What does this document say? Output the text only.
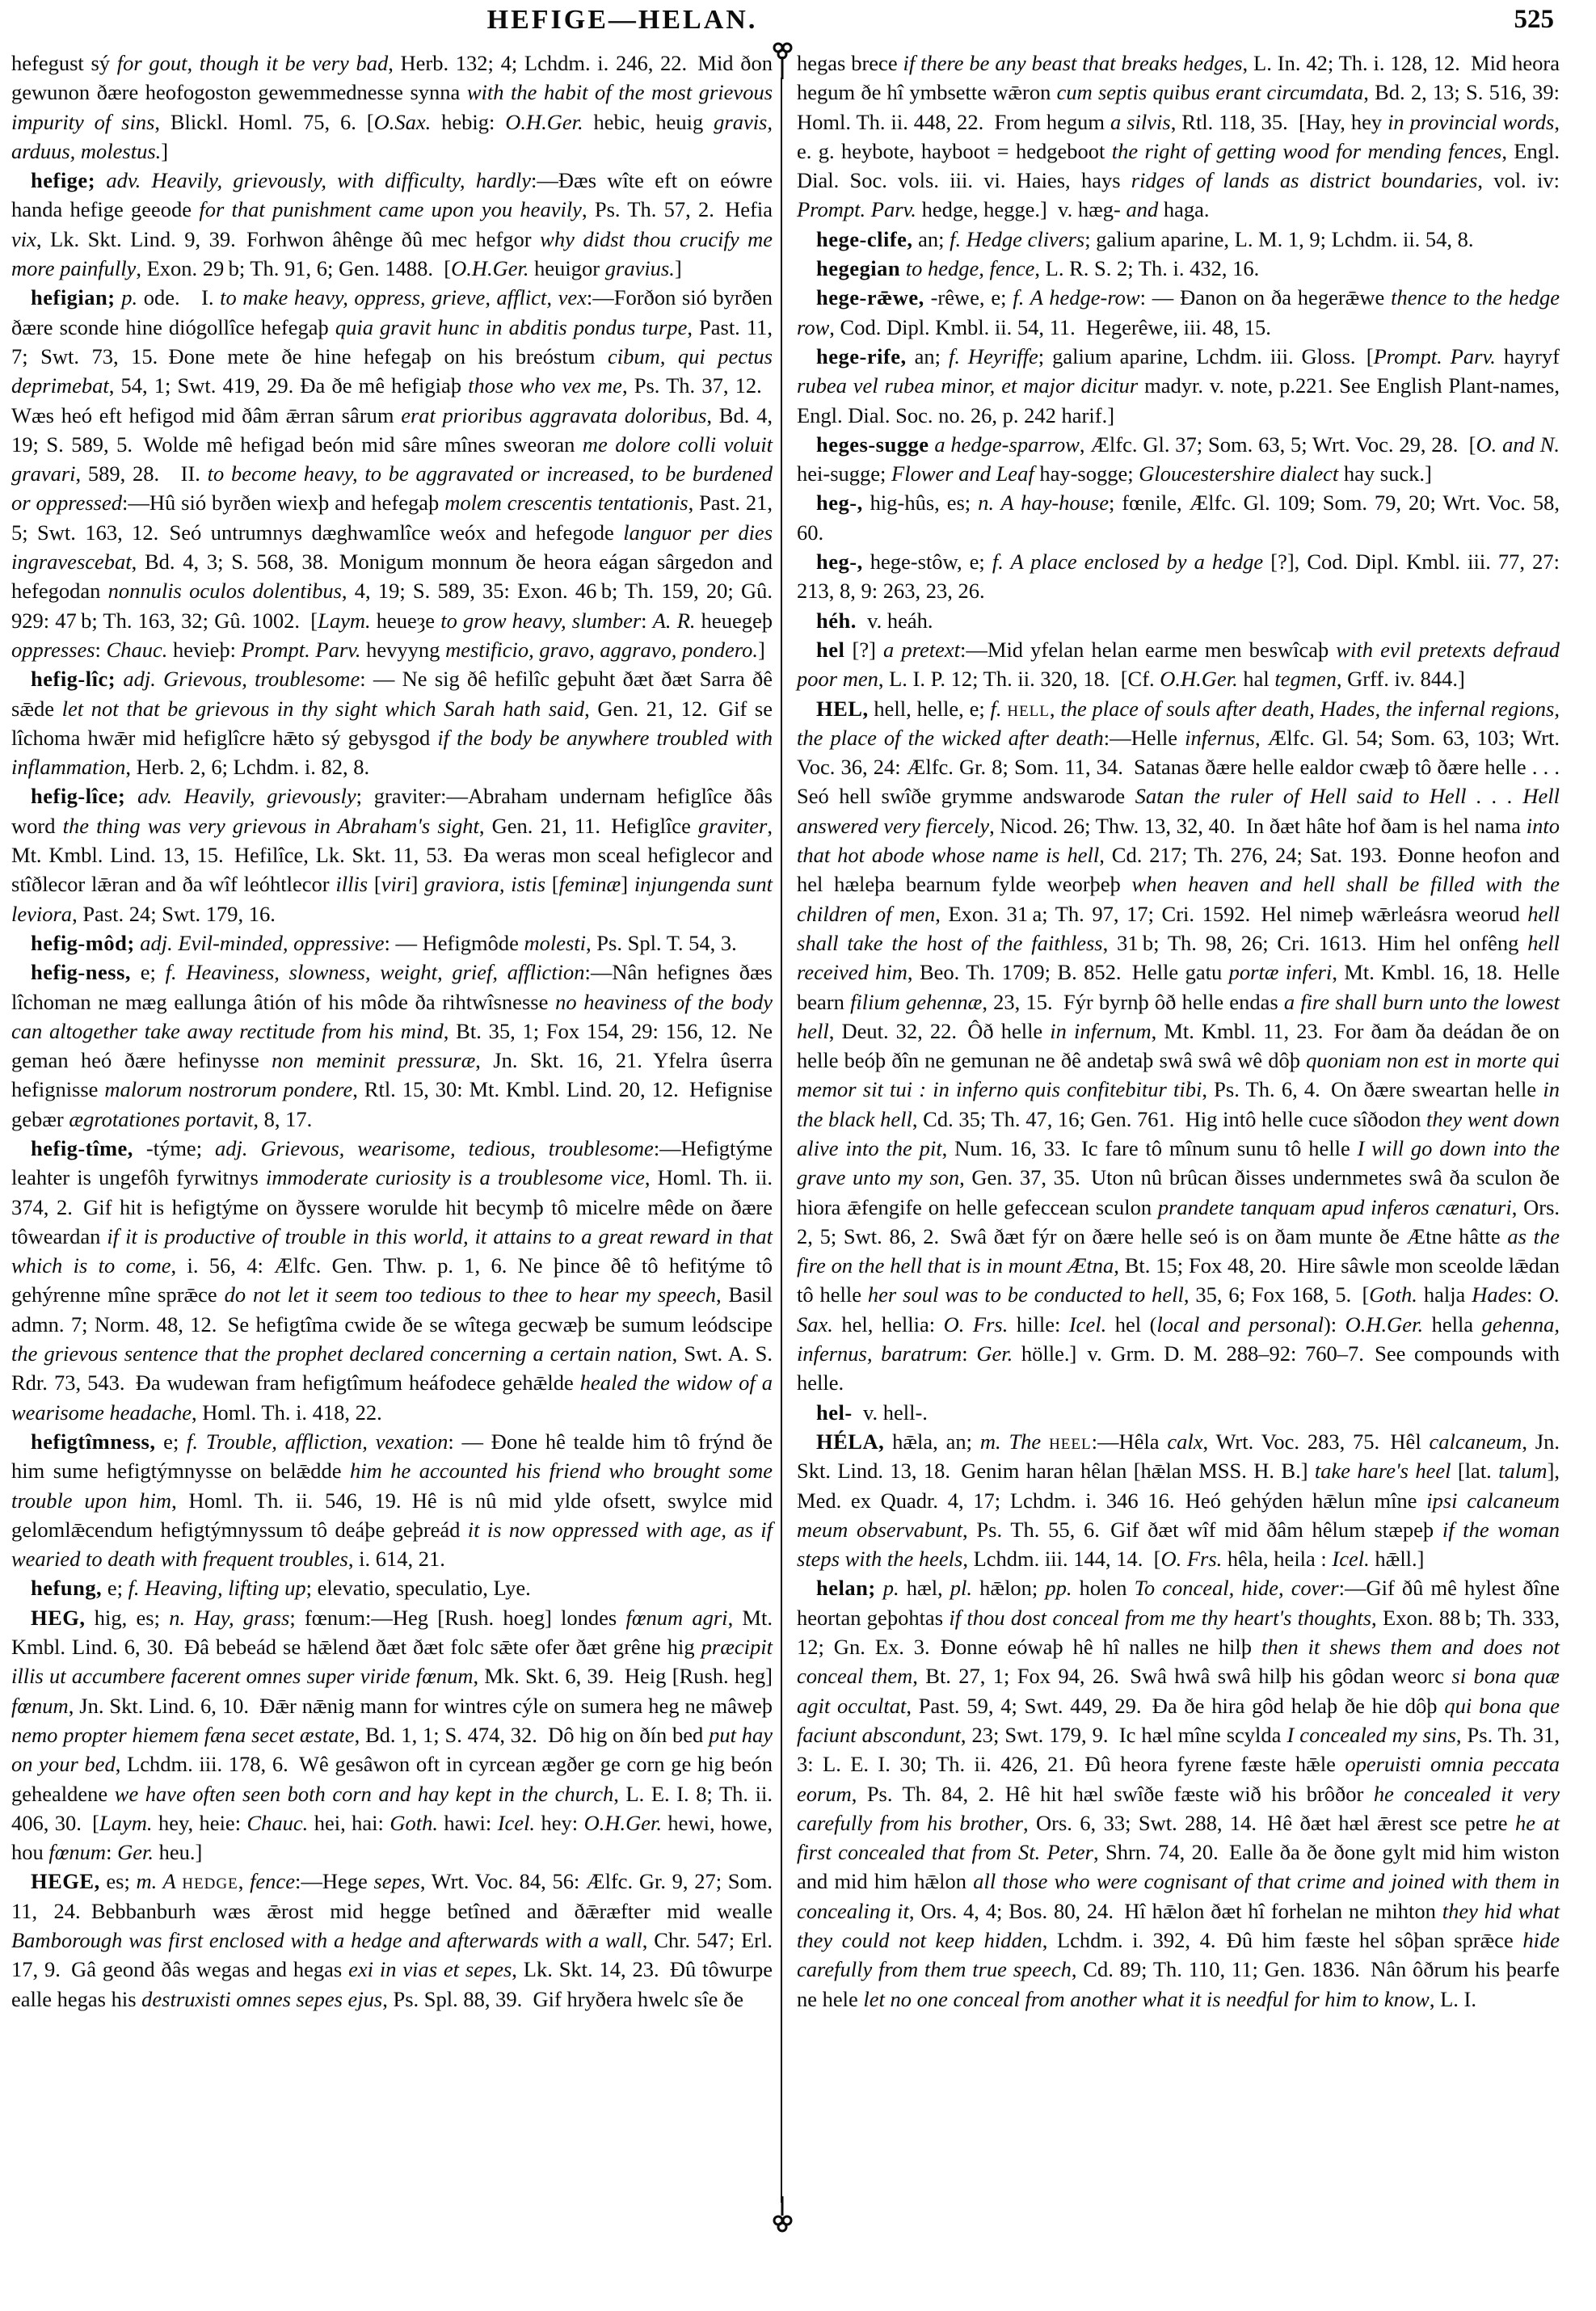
HEFIGE—HELAN.	525

hefegust sý for gout, though it be very bad, Herb. 132; 4; Lchdm. i. 246, 22. Mid ðon gewunon ðære heofogoston gewemmednesse synna with the habit of the most grievous impurity of sins, Blickl. Homl. 75, 6. [O.Sax. hebig: O.H.Ger. hebic, heuig gravis, arduus, molestus.]

hefige; adv. Heavily, grievously, with difficulty, hardly:—Ðæs wîte eft on eówre handa hefige geeode for that punishment came upon you heavily, Ps. Th. 57, 2. Hefia vix, Lk. Skt. Lind. 9, 39. Forhwon âhênge ðû mec hefgor why didst thou crucify me more painfully, Exon. 29 b; Th. 91, 6; Gen. 1488. [O.H.Ger. heuigor gravius.]

hefigian; p. ode. I. to make heavy, oppress, grieve, afflict, vex:—Forðon sió byrðen ðære sconde hine diógollîce hefegaþ quia gravit hunc in abditis pondus turpe, Past. 11, 7; Swt. 73, 15. Ðone mete ðe hine hefegaþ on his breóstum cibum, qui pectus deprimebat, 54, 1; Swt. 419, 29. Ða ðe mê hefigiaþ those who vex me, Ps. Th. 37, 12. Wæs heó eft hefigod mid ðâm ǣrran sârum erat prioribus aggravata doloribus, Bd. 4, 19; S. 589, 5. Wolde mê hefigad beón mid sâre mînes sweoran me dolore colli voluit gravari, 589, 28. II. to become heavy, to be aggravated or increased, to be burdened or oppressed:—Hû sió byrðen wiexþ and hefegaþ molem crescentis tentationis, Past. 21, 5; Swt. 163, 12. Seó untrumnys dæghwamlîce weóx and hefegode languor per dies ingravescebat, Bd. 4, 3; S. 568, 38. Monigum monnum ðe heora eágan sârgedon and hefegodan nonnulis oculos dolentibus, 4, 19; S. 589, 35: Exon. 46 b; Th. 159, 20; Gû. 929: 47 b; Th. 163, 32; Gû. 1002. [Laym. heueȝe to grow heavy, slumber: A. R. heuegeþ oppresses: Chauc. hevieþ: Prompt. Parv. hevyyng mestificio, gravo, aggravo, pondero.]

hefig-lîc; adj. Grievous, troublesome: — Ne sig ðê hefilîc geþuht ðæt ðæt Sarra ðê sǣde let not that be grievous in thy sight which Sarah hath said, Gen. 21, 12. Gif se lîchoma hwǣr mid hefiglîcre hǣto sý gebysgod if the body be anywhere troubled with inflammation, Herb. 2, 6; Lchdm. i. 82, 8.

hefig-lîce; adv. Heavily, grievously; graviter:—Abraham undernam hefiglîce ðâs word the thing was very grievous in Abraham's sight, Gen. 21, 11. Hefiglîce graviter, Mt. Kmbl. Lind. 13, 15. Hefilîce, Lk. Skt. 11, 53. Ða weras mon sceal hefiglecor and stîðlecor lǣran and ða wîf leóhtlecor illis [viri] graviora, istis [feminæ] injungenda sunt leviora, Past. 24; Swt. 179, 16.

hefig-môd; adj. Evil-minded, oppressive: — Hefigmôde molesti, Ps. Spl. T. 54, 3.

hefig-ness, e; f. Heaviness, slowness, weight, grief, affliction:—Nân hefignes ðæs lîchoman ne mæg eallunga âtión of his môde ða rihtwîsnesse no heaviness of the body can altogether take away rectitude from his mind, Bt. 35, 1; Fox 154, 29: 156, 12. Ne geman heó ðære hefinysse non meminit pressuræ, Jn. Skt. 16, 21. Yfelra ûserra hefignisse malorum nostrorum pondere, Rtl. 15, 30: Mt. Kmbl. Lind. 20, 12. Hefignise gebær ægrotationes portavit, 8, 17.

hefig-tîme, -týme; adj. Grievous, wearisome, tedious, troublesome:—Hefigtýme leahter is ungefôh fyrwitnys immoderate curiosity is a troublesome vice, Homl. Th. ii. 374, 2. Gif hit is hefigtýme on ðyssere worulde hit becymþ tô micelre mêde on ðære tôweardan if it is productive of trouble in this world, it attains to a great reward in that which is to come, i. 56, 4: Ælfc. Gen. Thw. p. 1, 6. Ne þince ðê tô hefitýme tô gehýrenne mîne sprǣce do not let it seem too tedious to thee to hear my speech, Basil admn. 7; Norm. 48, 12. Se hefigtîma cwide ðe se wîtega gecwæþ be sumum leódscipe the grievous sentence that the prophet declared concerning a certain nation, Swt. A. S. Rdr. 73, 543. Ða wudewan fram hefigtîmum heáfodece gehǣlde healed the widow of a wearisome headache, Homl. Th. i. 418, 22.

hefigtîmness, e; f. Trouble, affliction, vexation: — Ðone hê tealde him tô frýnd ðe him sume hefigtýmnysse on belǣdde him he accounted his friend who brought some trouble upon him, Homl. Th. ii. 546, 19. Hê is nû mid ylde ofsett, swylce mid gelomlǣcendum hefigtýmnyssum tô deáþe geþreád it is now oppressed with age, as if wearied to death with frequent troubles, i. 614, 21.

hefung, e; f. Heaving, lifting up; elevatio, speculatio, Lye.

HEG, hig, es; n. Hay, grass; fœnum:—Heg [Rush. hoeg] londes fœnum agri, Mt. Kmbl. Lind. 6, 30. Ðâ bebeád se hǣlend ðæt ðæt folc sǣte ofer ðæt grêne hig præcipit illis ut accumbere facerent omnes super viride fœnum, Mk. Skt. 6, 39. Heig [Rush. heg] fœnum, Jn. Skt. Lind. 6, 10. Ðǣr nǣnig mann for wintres cýle on sumera heg ne mâweþ nemo propter hiemem fæna secet æstate, Bd. 1, 1; S. 474, 32. Dô hig on ðín bed put hay on your bed, Lchdm. iii. 178, 6. Wê gesâwon oft in cyrcean ægðer ge corn ge hig beón gehealdene we have often seen both corn and hay kept in the church, L. E. I. 8; Th. ii. 406, 30. [Laym. hey, heie: Chauc. hei, hai: Goth. hawi: Icel. hey: O.H.Ger. hewi, howe, hou fœnum: Ger. heu.]

HEGE, es; m. A hedge, fence:—Hege sepes, Wrt. Voc. 84, 56: Ælfc. Gr. 9, 27; Som. 11, 24. Bebbanburh wæs ǣrost mid hegge betîned and ðǣræfter mid wealle Bamborough was first enclosed with a hedge and afterwards with a wall, Chr. 547; Erl. 17, 9. Gâ geond ðâs wegas and hegas exi in vias et sepes, Lk. Skt. 14, 23. Ðû tôwurpe ealle hegas his destruxisti omnes sepes ejus, Ps. Spl. 88, 39. Gif hryðera hwelc sîe ðe

hegas brece if there be any beast that breaks hedges, L. In. 42; Th. i. 128, 12. Mid heora hegum ðe hî ymbsette wǣron cum septis quibus erant circumdata, Bd. 2, 13; S. 516, 39: Homl. Th. ii. 448, 22. From hegum a silvis, Rtl. 118, 35. [Hay, hey in provincial words, e. g. heybote, hayboot = hedgeboot the right of getting wood for mending fences, Engl. Dial. Soc. vols. iii. vi. Haies, hays ridges of lands as district boundaries, vol. iv: Prompt. Parv. hedge, hegge.] v. hæg- and haga.

hege-clife, an; f. Hedge clivers; galium aparine, L. M. 1, 9; Lchdm. ii. 54, 8.

hegegian to hedge, fence, L. R. S. 2; Th. i. 432, 16.

hege-rǣwe, -rêwe, e; f. A hedge-row: — Ðanon on ða hegerǣwe thence to the hedge row, Cod. Dipl. Kmbl. ii. 54, 11. Hegerêwe, iii. 48, 15.

hege-rife, an; f. Heyriffe; galium aparine, Lchdm. iii. Gloss. [Prompt. Parv. hayryf rubea vel rubea minor, et major dicitur madyr. v. note, p.221. See English Plant-names, Engl. Dial. Soc. no. 26, p. 242 harif.]

heges-sugge a hedge-sparrow, Ælfc. Gl. 37; Som. 63, 5; Wrt. Voc. 29, 28. [O. and N. hei-sugge; Flower and Leaf hay-sogge; Gloucestershire dialect hay suck.]

heg-, hig-hûs, es; n. A hay-house; fœnile, Ælfc. Gl. 109; Som. 79, 20; Wrt. Voc. 58, 60.

heg-, hege-stôw, e; f. A place enclosed by a hedge [?], Cod. Dipl. Kmbl. iii. 77, 27: 213, 8, 9: 263, 23, 26.

héh. v. heáh.

hel [?] a pretext:—Mid yfelan helan earme men beswîcaþ with evil pretexts defraud poor men, L. I. P. 12; Th. ii. 320, 18. [Cf. O.H.Ger. hal tegmen, Grff. iv. 844.]

HEL, hell, helle, e; f. hell, the place of souls after death, Hades, the infernal regions, the place of the wicked after death:—Helle infernus, Ælfc. Gl. 54; Som. 63, 103; Wrt. Voc. 36, 24: Ælfc. Gr. 8; Som. 11, 34. Satanas ðære helle ealdor cwæþ tô ðære helle . . . Seó hell swîðe grymme andswarode Satan the ruler of Hell said to Hell . . . Hell answered very fiercely, Nicod. 26; Thw. 13, 32, 40. In ðæt hâte hof ðam is hel nama into that hot abode whose name is hell, Cd. 217; Th. 276, 24; Sat. 193. Ðonne heofon and hel hæleþa bearnum fylde weorþeþ when heaven and hell shall be filled with the children of men, Exon. 31 a; Th. 97, 17; Cri. 1592. Hel nimeþ wǣrleásra weorud hell shall take the host of the faithless, 31 b; Th. 98, 26; Cri. 1613. Him hel onfêng hell received him, Beo. Th. 1709; B. 852. Helle gatu portæ inferi, Mt. Kmbl. 16, 18. Helle bearn filium gehennæ, 23, 15. Fýr byrnþ ôð helle endas a fire shall burn unto the lowest hell, Deut. 32, 22. Ôð helle in infernum, Mt. Kmbl. 11, 23. For ðam ða deádan ðe on helle beóþ ðîn ne gemunan ne ðê andetaþ swâ swâ wê dôþ quoniam non est in morte qui memor sit tui : in inferno quis confitebitur tibi, Ps. Th. 6, 4. On ðære sweartan helle in the black hell, Cd. 35; Th. 47, 16; Gen. 761. Hig intô helle cuce sîðodon they went down alive into the pit, Num. 16, 33. Ic fare tô mînum sunu tô helle I will go down into the grave unto my son, Gen. 37, 35. Uton nû brûcan ðisses undernmetes swâ ða sculon ðe hiora ǣfengife on helle gefeccean sculon prandete tanquam apud inferos cænaturi, Ors. 2, 5; Swt. 86, 2. Swâ ðæt fýr on ðære helle seó is on ðam munte ðe Ætne hâtte as the fire on the hell that is in mount Ætna, Bt. 15; Fox 48, 20. Hire sâwle mon sceolde lǣdan tô helle her soul was to be conducted to hell, 35, 6; Fox 168, 5. [Goth. halja Hades: O. Sax. hel, hellia: O. Frs. hille: Icel. hel (local and personal): O.H.Ger. hella gehenna, infernus, baratrum: Ger. hölle.] v. Grm. D. M. 288–92: 760–7. See compounds with helle.

hel- v. hell-.

HÉLA, hǣla, an; m. The heel:—Hêla calx, Wrt. Voc. 283, 75. Hêl calcaneum, Jn. Skt. Lind. 13, 18. Genim haran hêlan [hǣlan MSS. H. B.] take hare's heel [lat. talum], Med. ex Quadr. 4, 17; Lchdm. i. 346 16. Heó gehýden hǣlun mîne ipsi calcaneum meum observabunt, Ps. Th. 55, 6. Gif ðæt wîf mid ðâm hêlum stæpeþ if the woman steps with the heels, Lchdm. iii. 144, 14. [O. Frs. hêla, heila : Icel. hǣll.]

helan; p. hæl, pl. hǣlon; pp. holen To conceal, hide, cover:—Gif ðû mê hylest ðîne heortan geþohtas if thou dost conceal from me thy heart's thoughts, Exon. 88 b; Th. 333, 12; Gn. Ex. 3. Ðonne eówaþ hê hî nalles ne hilþ then it shews them and does not conceal them, Bt. 27, 1; Fox 94, 26. Swâ hwâ swâ hilþ his gôdan weorc si bona quæ agit occultat, Past. 59, 4; Swt. 449, 29. Ða ðe hira gôd helaþ ðe hie dôþ qui bona que faciunt abscondunt, 23; Swt. 179, 9. Ic hæl mîne scylda I concealed my sins, Ps. Th. 31, 3: L. E. I. 30; Th. ii. 426, 21. Ðû heora fyrene fæste hǣle operuisti omnia peccata eorum, Ps. Th. 84, 2. Hê hit hæl swîðe fæste wið his brôðor he concealed it very carefully from his brother, Ors. 6, 33; Swt. 288, 14. Hê ðæt hæl ǣrest sce petre he at first concealed that from St. Peter, Shrn. 74, 20. Ealle ða ðe ðone gylt mid him wiston and mid him hǣlon all those who were cognisant of that crime and joined with them in concealing it, Ors. 4, 4; Bos. 80, 24. Hî hǣlon ðæt hî forhelan ne mihton they hid what they could not keep hidden, Lchdm. i. 392, 4. Ðû him fæste hel sôþan sprǣce hide carefully from them true speech, Cd. 89; Th. 110, 11; Gen. 1836. Nân ôðrum his þearfe ne hele let no one conceal from another what it is needful for him to know, L. I.
